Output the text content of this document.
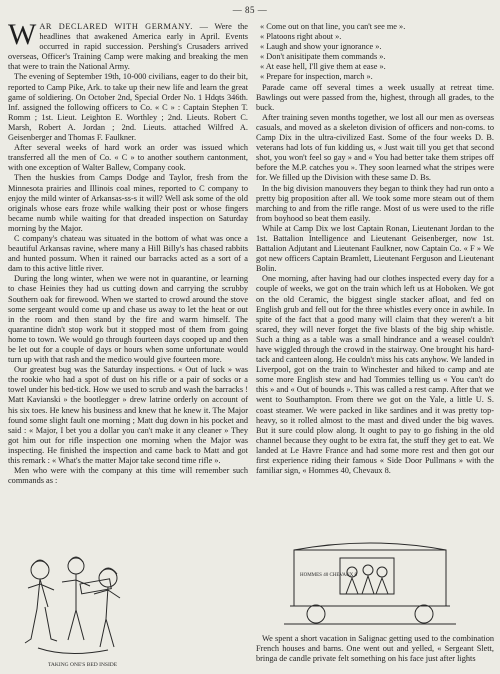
— 85 —

WAR DECLARED WITH GERMANY. — Were the headlines that awakened America early in April. Events occurred in rapid succession. Pershing's Crusaders arrived overseas, Officer's Training Camp were making and breaking the men that were to train the National Army.

The evening of September 19th, 10-000 civilians, eager to do their bit, reported to Camp Pike, Ark. to take up their new life and learn the great game of soldiering. On October 2nd, Special Order No. 1 Hdqts 346th. Inf. assigned the following officers to Co. « C » : Captain Stephen T. Romm ; 1st. Lieut. Leighton E. Worthley ; 2nd. Lieuts. Robert C. Marsh, Robert A. Jordan ; 2nd. Lieuts. attached Wilfred A. Geisenberger and Thomas F. Faulkner.

After several weeks of hard work an order was issued which transferred all the men of Co. « C » to another southern cantonment, with one exception of Walter Ballew, Company cook.

Then the huskies from Camps Dodge and Taylor, fresh from the Minnesota prairies and Illinois coal mines, reported to C company to enjoy the mild winter of Arkansas-ss-s it will? Well ask some of the old originals whose ears froze while walking their post or whose fingers became numb while waiting for that dreaded inspection on Saturday morning by the Major.

C company's chateau was situated in the bottom of what was once a beautiful Arkansas ravine, where many a Hill Billy's has chased rabbits and hunted possum. When it rained our barracks acted as a sort of a dam to this active little river.

During the long winter, when we were not in quarantine, or learning to chase Heinies they had us cutting down and carrying the scrubby Southern oak for firewood. When we started to crowd around the stove some sergeant would come up and chase us away to let the heat or out in the room and then stand by the fire and warm himself. The quarantine didn't stop work but it stopped most of them from going home to town. We would go through fourteen days cooped up and then be let out for a couple of days or hours when some unfortunate would turn up with that rash and the medico would give fourteen more.

Our greatest bug was the Saturday inspections. « Out of luck » was the rookie who had a spot of dust on his rifle or a pair of socks or a towel under his bed-tick. How we used to scrub and wash the barracks ! Matt Kavianski » the bootlegger » drew latrine orderly on account of his six toes. He knew his business and knew that he knew it. The Major found some slight fault one morning ; Matt dug down in his pocket and said : « Major, I bet you a dollar you can't make it any cleaner » They got him out for rifle inspection one morning when the Major was inspecting. He finished the inspection and came back to Matt and got this remark : « What's the matter Major take second time rifle ».

Men who were with the company at this time will remember such commands as :

« Come out on that line, you can't see me ».

« Platoons right about ».

« Laugh and show your ignorance ».

« Don't anisitipate them commands ».

« At ease hell, I'll give them at ease ».

« Prepare for inspection, march ».

Parade came off several times a week usually at retreat time. Bawlings out were passed from the, highest, through all grades, to the buck.

After training seven months together, we lost all our men as overseas casuals, and moved as a skeleton division of officers and non-coms. to Camp Dix in the ultra-civilized East. Some of the four weeks D. B. veterans had lots of fun kidding us, « Just wait till you get that second shot, you won't feel so gay » and « You had better take them stripes off before the M.P. catches you ». They soon learned what the stripes were for. We filled up the Division with these same D. Bs.

In the big division manouvers they began to think they had run onto a pretty big proposition after all. We took some more steam out of them marching to and from the rifle range. Most of us were used to the rifle from boyhood so beat them easily.

While at Camp Dix we lost Captain Ronan, Lieutenant Jordan to the 1st. Battalion Intelligence and Lieutenant Geisenberger, now 1st. Battalion Adjutant and Lieutenant Faulkner, now Captain Co. « F » We got new officers Captain Bramlett, Lieutenant Ferguson and Lieutenant Bolin.

One morning, after having had our clothes inspected every day for a couple of weeks, we got on the train which left us at Hoboken. We got on the old Ceramic, the biggest single stacker afloat, and fed on English grub and fell out for the three whistles every once in awhile. In spite of the fact that a good many will claim that they weren't a bit scared, they will never forget the five blasts of the big ship whistle. Such a thing as a table was a small hindrance and a weasel couldn't have wiggled through the crowd in the stairway. One brought his hard- tack and canteen along. He couldn't miss his cats anyhow. We landed in Liverpool, got on the train to Winchester and hiked to camp and ate some more English stew and had Tommies telling us « You can't do this » and « Out of bounds ». This was called a rest camp. After that we went to Southampton. From there we got on the Yale, a little U. S. coast steamer. We were packed in like sardines and it was pretty top- heavy, so it rolled almost to the mast and dived under the big waves. But it sure could plow along. It ought to pay to go fishing in the old channel because they ought to be extra fat, the stuff they get to eat. We landed at Le Havre France and had some more rest and then got our first experience riding their famous « Side Door Pullmans » with the familiar sign, « Hommes 40, Chevaux 8.

TAKING ONE'S BED INSIDE
HOMMES 40 CHEVAUX 8

We spent a short vacation in Salignac getting used to the combination French houses and barns. One went out and yelled, « Sergeant Slett, bringa de candle private felt something on his face just after lights
